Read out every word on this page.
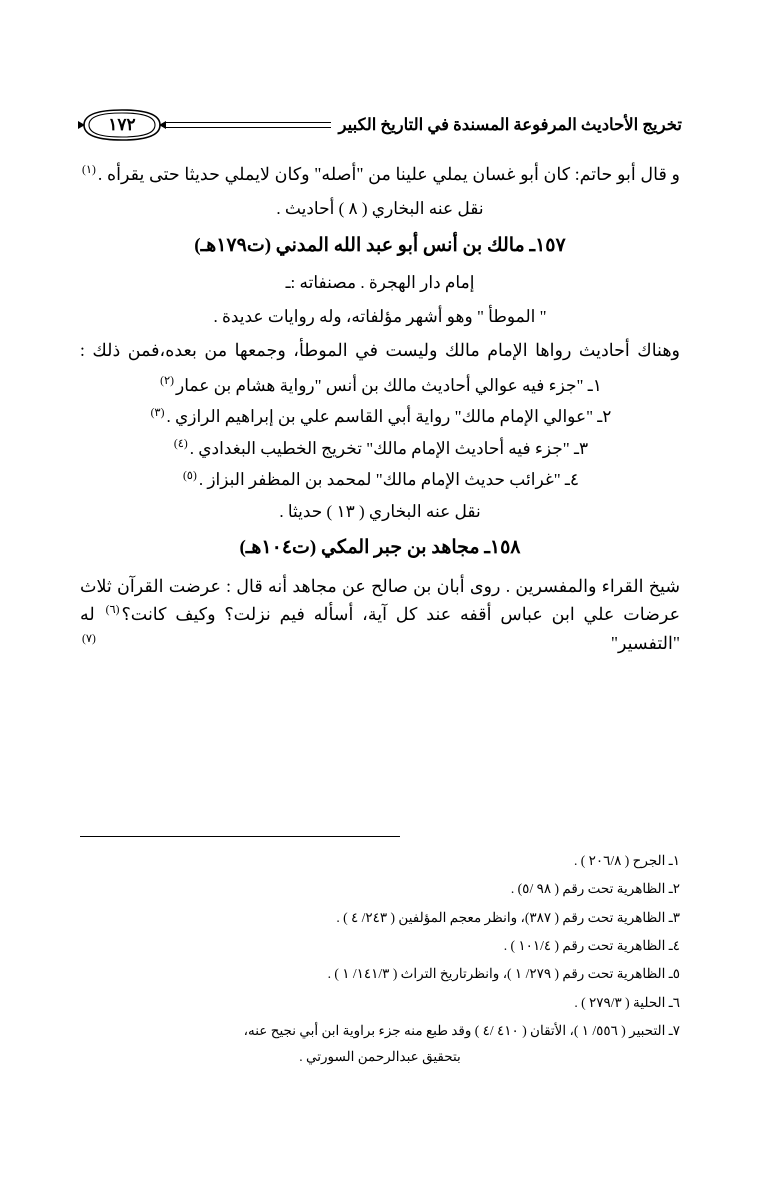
تخريج الأحاديث المرفوعة المسندة في التاريخ الكبير
١٧٢

و قال أبو حاتم: كان أبو غسان يملي علينا من "أصله" وكان لايملي حديثا حتى يقرأه .$^{(١)}$

نقل عنه البخاري ( ٨ ) أحاديث .

١٥٧ـ مالك بن أنس أبو عبد الله المدني (ت١٧٩هـ)

إمام دار الهجرة . مصنفاته :ـ

" الموطأ " وهو أشهر مؤلفاته، وله روايات عديدة .

وهناك أحاديث رواها الإمام مالك وليست في الموطأ، وجمعها من بعده،فمن ذلك :

١ـ "جزء فيه عوالي أحاديث مالك بن أنس "رواية هشام بن عمار$^{(٢)}$

٢ـ "عوالي الإمام مالك" رواية أبي القاسم علي بن إبراهيم الرازي .$^{(٣)}$

٣ـ "جزء فيه أحاديث الإمام مالك" تخريج الخطيب البغدادي .$^{(٤)}$

٤ـ "غرائب حديث الإمام مالك" لمحمد بن المظفر البزاز .$^{(٥)}$

نقل عنه البخاري ( ١٣ ) حديثا .

١٥٨ـ مجاهد بن جبر المكي (ت١٠٤هـ)

شيخ القراء والمفسرين . روى أبان بن صالح عن مجاهد أنه قال : عرضت القرآن ثلاث عرضات علي ابن عباس أقفه عند كل آية، أسأله فيم نزلت؟ وكيف كانت؟$^{(٦)}$ له "التفسير" $^{(٧)}$

١ـ الجرح ( ٢٠٦/٨ ) .
٢ـ الظاهرية تحت رقم ( ٩٨ /٥) .
٣ـ الظاهرية تحت رقم ( ٣٨٧)، وانظر معجم المؤلفين ( ٢٤٣/ ٤ ) .
٤ـ الظاهرية تحت رقم ( ١٠١/٤ ) .
٥ـ الظاهرية تحت رقم ( ٢٧٩/ ١ )، وانظرتاريخ التراث ( ١٤١/٣/ ١ ) .
٦ـ الحلية ( ٢٧٩/٣ ) .
٧ـ التحبير ( ٥٥٦/ ١ )، الأتقان ( ٤١٠ /٤ ) وقد طبع منه جزء براوية ابن أبي نجيح عنه،
بتحقيق عبدالرحمن السورتي .
